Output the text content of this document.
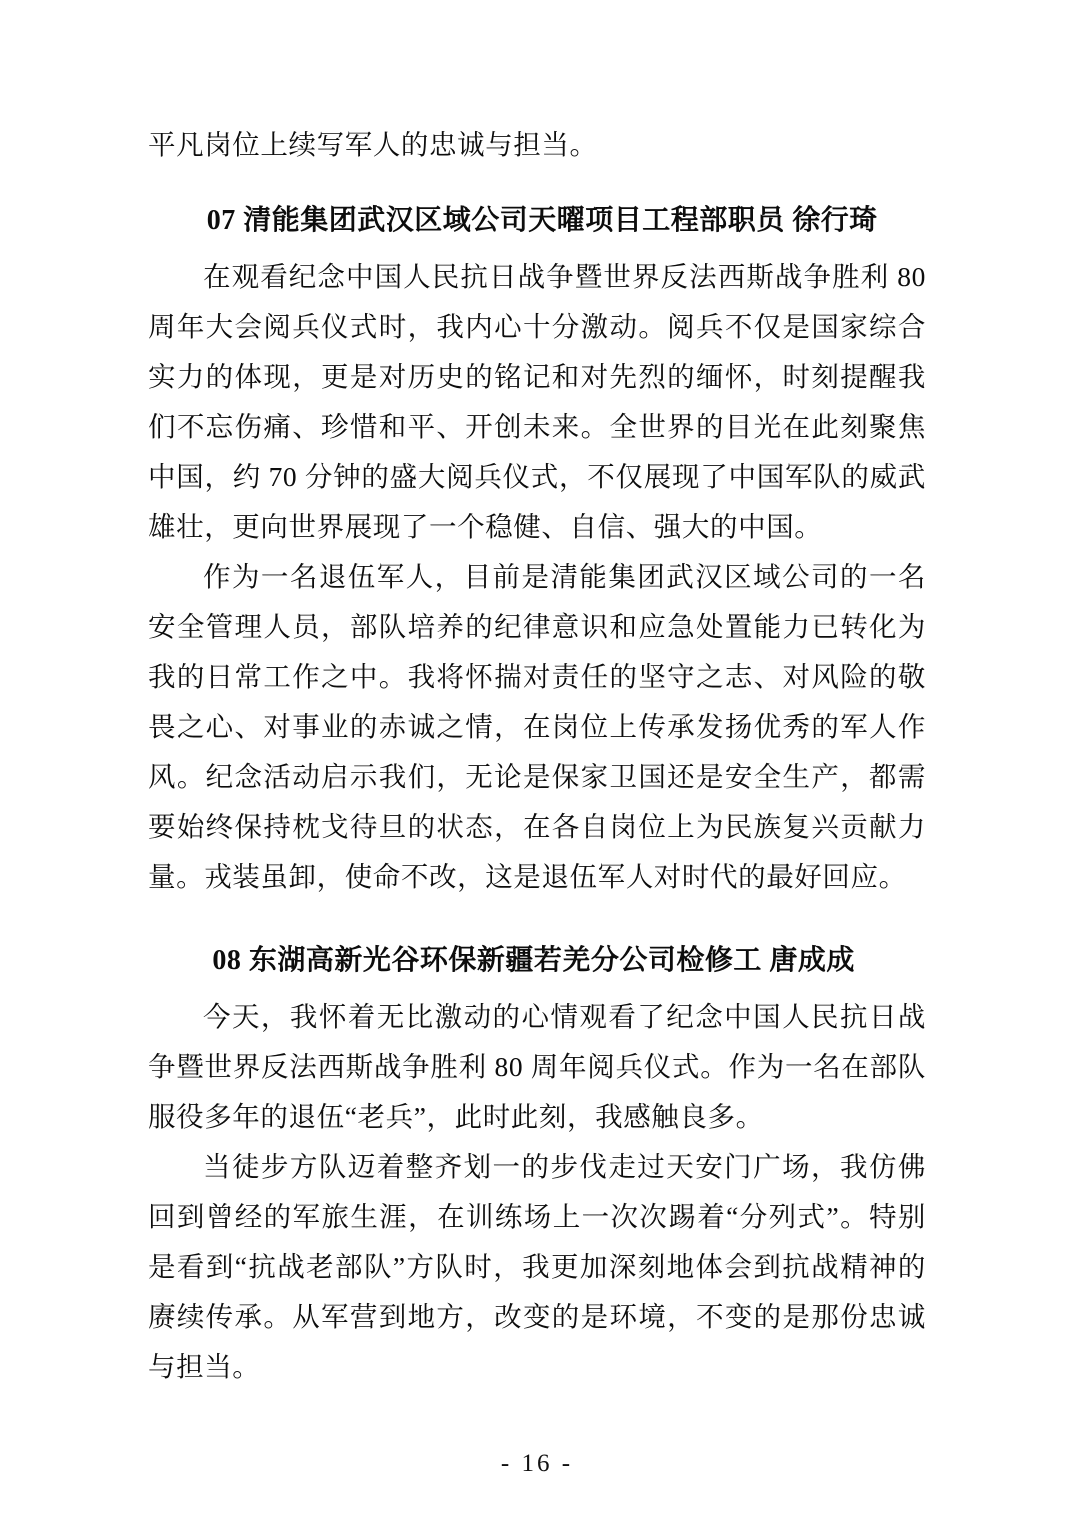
平凡岗位上续写军人的忠诚与担当。

07 清能集团武汉区域公司天曜项目工程部职员 徐行琦

在观看纪念中国人民抗日战争暨世界反法西斯战争胜利 80 周年大会阅兵仪式时，我内心十分激动。阅兵不仅是国家综合实力的体现，更是对历史的铭记和对先烈的缅怀，时刻提醒我们不忘伤痛、珍惜和平、开创未来。全世界的目光在此刻聚焦中国，约 70 分钟的盛大阅兵仪式，不仅展现了中国军队的威武雄壮，更向世界展现了一个稳健、自信、强大的中国。

作为一名退伍军人，目前是清能集团武汉区域公司的一名安全管理人员，部队培养的纪律意识和应急处置能力已转化为我的日常工作之中。我将怀揣对责任的坚守之志、对风险的敬畏之心、对事业的赤诚之情，在岗位上传承发扬优秀的军人作风。纪念活动启示我们，无论是保家卫国还是安全生产，都需要始终保持枕戈待旦的状态，在各自岗位上为民族复兴贡献力量。戎装虽卸，使命不改，这是退伍军人对时代的最好回应。

08 东湖高新光谷环保新疆若羌分公司检修工 唐成成

今天，我怀着无比激动的心情观看了纪念中国人民抗日战争暨世界反法西斯战争胜利 80 周年阅兵仪式。作为一名在部队服役多年的退伍“老兵”，此时此刻，我感触良多。

当徒步方队迈着整齐划一的步伐走过天安门广场，我仿佛回到曾经的军旅生涯，在训练场上一次次踢着“分列式”。特别是看到“抗战老部队”方队时，我更加深刻地体会到抗战精神的赓续传承。从军营到地方，改变的是环境，不变的是那份忠诚与担当。

- 16 -
